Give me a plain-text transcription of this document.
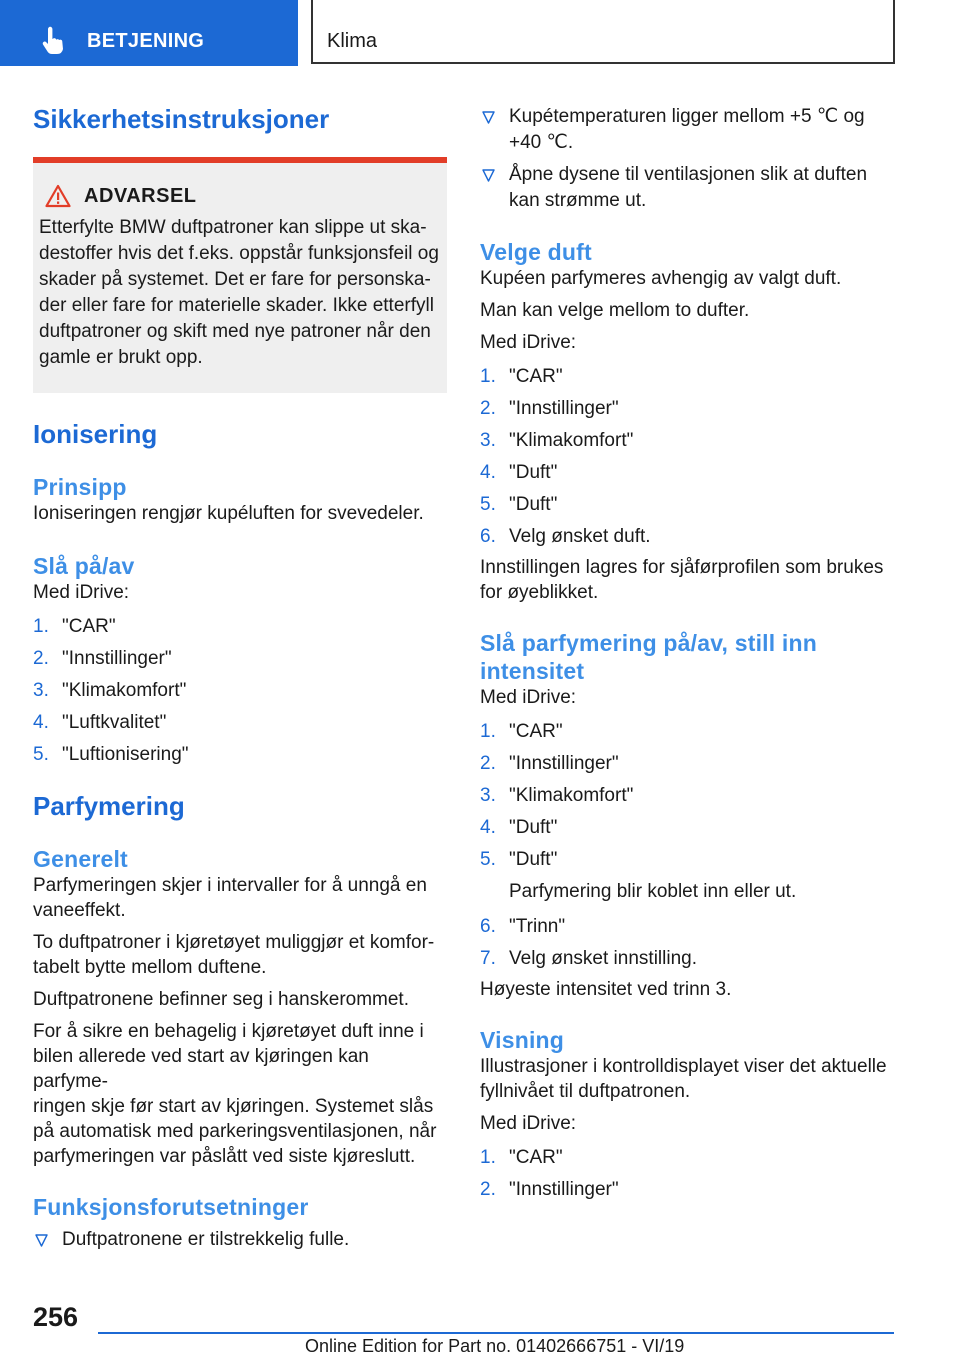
BETJENING	Klima
Sikkerhetsinstruksjoner
ADVARSEL
Etterfylte BMW duftpatroner kan slippe ut ska-
destoffer hvis det f.eks. oppstår funksjonsfeil og
skader på systemet. Det er fare for personska-
der eller fare for materielle skader. Ikke etterfyll
duftpatroner og skift med nye patroner når den
gamle er brukt opp.
Ionisering
Prinsipp

Ioniseringen rengjør kupéluften for svevedeler.

Slå på/av

Med iDrive:

1. "CAR"
2. "Innstillinger"
3. "Klimakomfort"
4. "Luftkvalitet"
5. "Luftionisering"
Parfymering
Generelt

Parfymeringen skjer i intervaller for å unngå en
vaneeffekt.

To duftpatroner i kjøretøyet muliggjør et komfor-
tabelt bytte mellom duftene.

Duftpatronene befinner seg i hanskerommet.

For å sikre en behagelig i kjøretøyet duft inne i
bilen allerede ved start av kjøringen kan parfyme-
ringen skje før start av kjøringen. Systemet slås
på automatisk med parkeringsventilasjonen, når
parfymeringen var påslått ved siste kjøreslutt.

Funksjonsforutsetninger
Duftpatronene er tilstrekkelig fulle.
Kupétemperaturen ligger mellom +5 ℃ og
+40 ℃.
Åpne dysene til ventilasjonen slik at duften
kan strømme ut.
Velge duft

Kupéen parfymeres avhengig av valgt duft.

Man kan velge mellom to dufter.

Med iDrive:

1. "CAR"
2. "Innstillinger"
3. "Klimakomfort"
4. "Duft"
5. "Duft"
6. Velg ønsket duft.

Innstillingen lagres for sjåførprofilen som brukes
for øyeblikket.

Slå parfymering på/av, still inn
intensitet

Med iDrive:

1. "CAR"
2. "Innstillinger"
3. "Klimakomfort"
4. "Duft"
5. "Duft"
Parfymering blir koblet inn eller ut.
6. "Trinn"
7. Velg ønsket innstilling.

Høyeste intensitet ved trinn 3.

Visning

Illustrasjoner i kontrolldisplayet viser det aktuelle
fyllnivået til duftpatronen.

Med iDrive:

1. "CAR"
2. "Innstillinger"
256
Online Edition for Part no. 01402666751 - VI/19
